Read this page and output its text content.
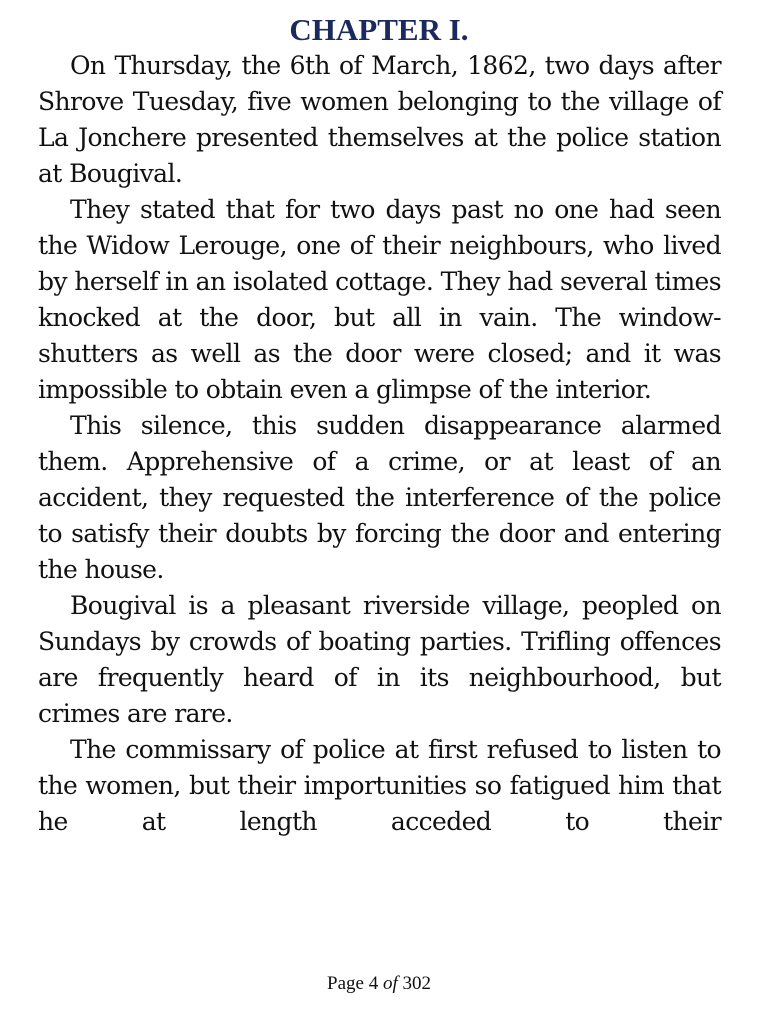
CHAPTER I.

On Thursday, the 6th of March, 1862, two days after Shrove Tuesday, five women belonging to the village of La Jonchere presented themselves at the police station at Bougival.

They stated that for two days past no one had seen the Widow Lerouge, one of their neighbours, who lived by herself in an isolated cottage. They had several times knocked at the door, but all in vain. The window-shutters as well as the door were closed; and it was impossible to obtain even a glimpse of the interior.

This silence, this sudden disappearance alarmed them. Apprehensive of a crime, or at least of an accident, they requested the interference of the police to satisfy their doubts by forcing the door and entering the house.

Bougival is a pleasant riverside village, peopled on Sundays by crowds of boating parties. Trifling offences are frequently heard of in its neighbourhood, but crimes are rare.

The commissary of police at first refused to listen to the women, but their importunities so fatigued him that he at length acceded to their

Page 4 of 302
